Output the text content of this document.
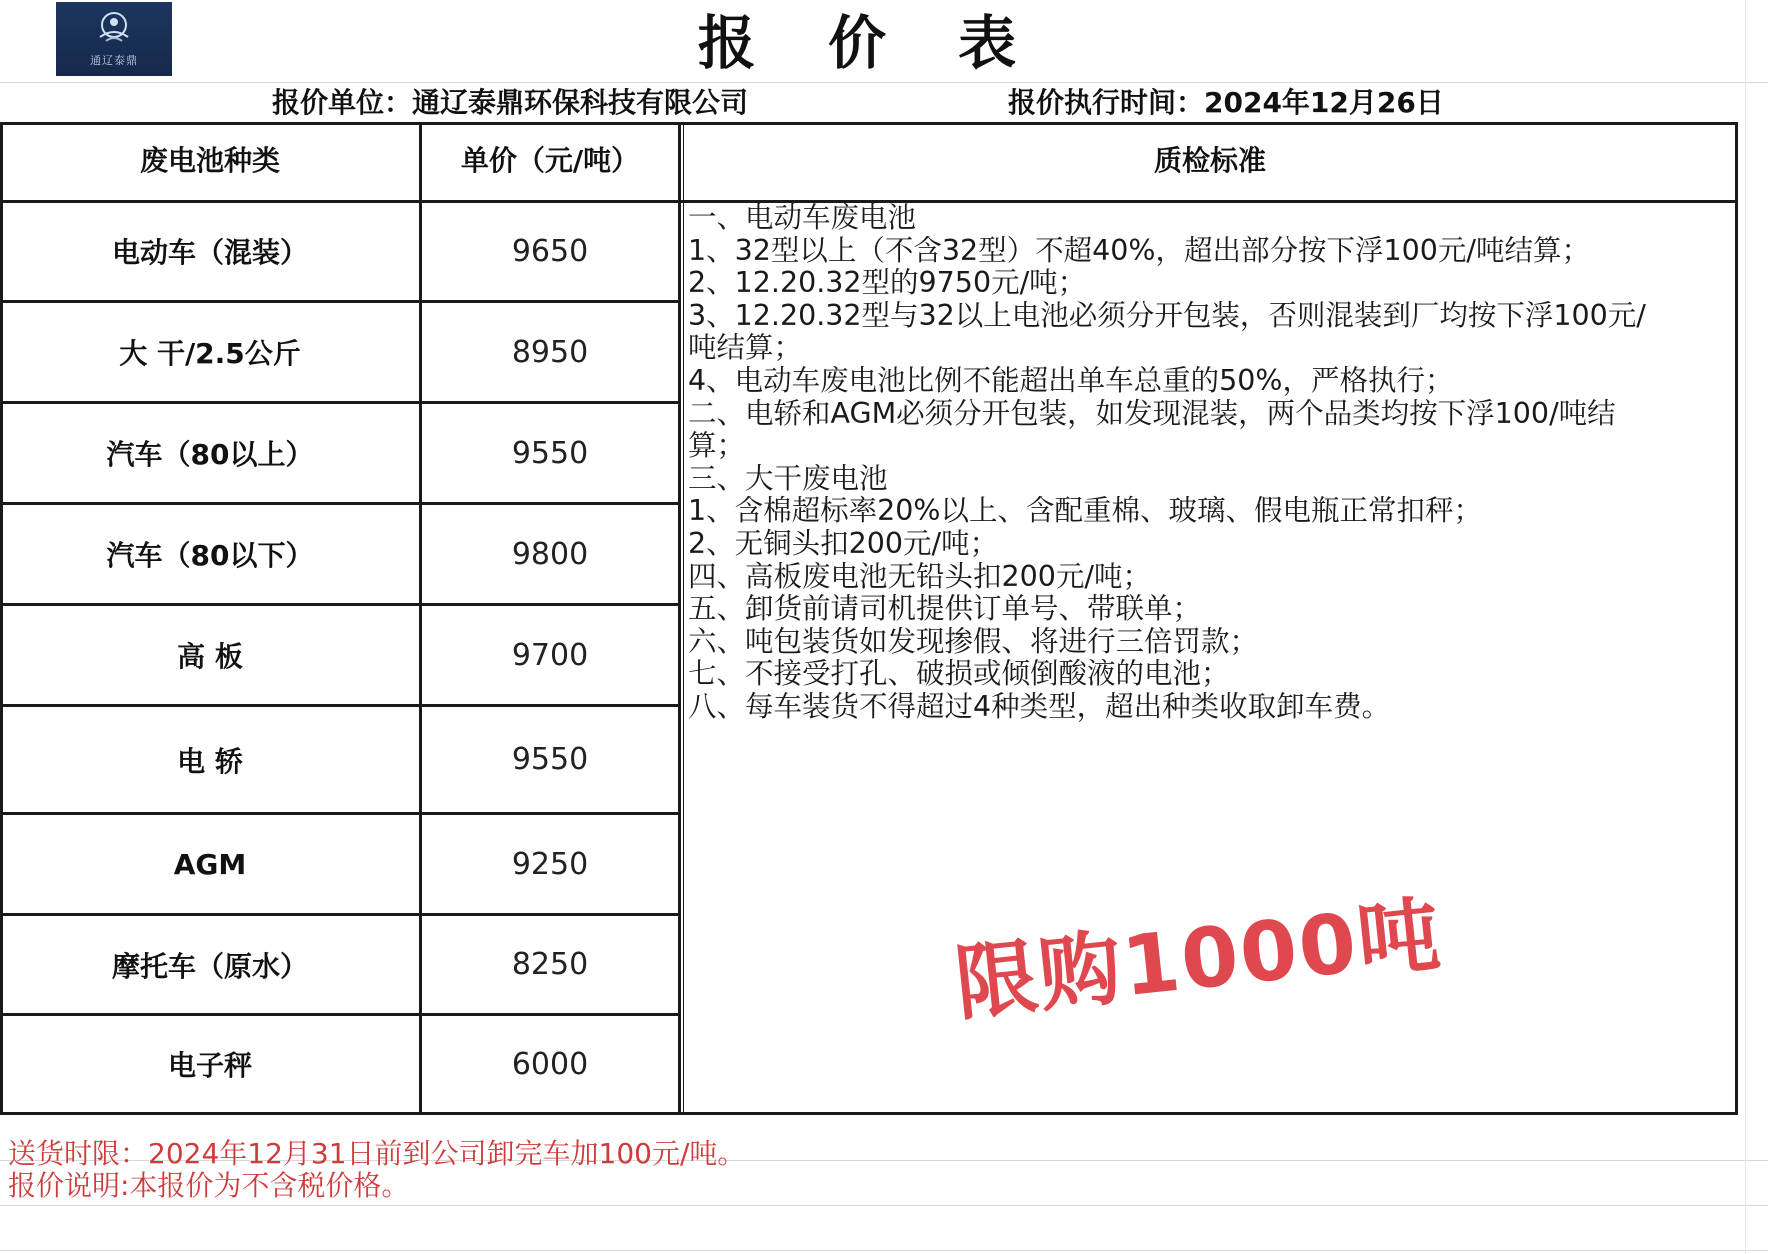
通辽泰鼎	报 价 表
报价单位：通辽泰鼎环保科技有限公司	报价执行时间：2024年12月26日
废电池种类	单价（元/吨）	质检标准
电动车（混装）	9650
大 干/2.5公斤	8950
汽车（80以上）	9550
汽车（80以下）	9800
高 板	9700
电 轿	9550
AGM	9250
摩托车（原水）	8250
电子秤	6000
一、电动车废电池
1、32型以上（不含32型）不超40%，超出部分按下浮100元/吨结算；
2、12.20.32型的9750元/吨；
3、12.20.32型与32以上电池必须分开包装，否则混装到厂均按下浮100元/
吨结算；
4、电动车废电池比例不能超出单车总重的50%，严格执行；
二、电轿和AGM必须分开包装，如发现混装，两个品类均按下浮100/吨结
算；
三、大干废电池
1、含棉超标率20%以上、含配重棉、玻璃、假电瓶正常扣秤；
2、无铜头扣200元/吨；
四、高板废电池无铅头扣200元/吨；
五、卸货前请司机提供订单号、带联单；
六、吨包装货如发现掺假、将进行三倍罚款；
七、不接受打孔、破损或倾倒酸液的电池；
八、每车装货不得超过4种类型，超出种类收取卸车费。
限购1000吨
送货时限：2024年12月31日前到公司卸完车加100元/吨。
报价说明:本报价为不含税价格。
